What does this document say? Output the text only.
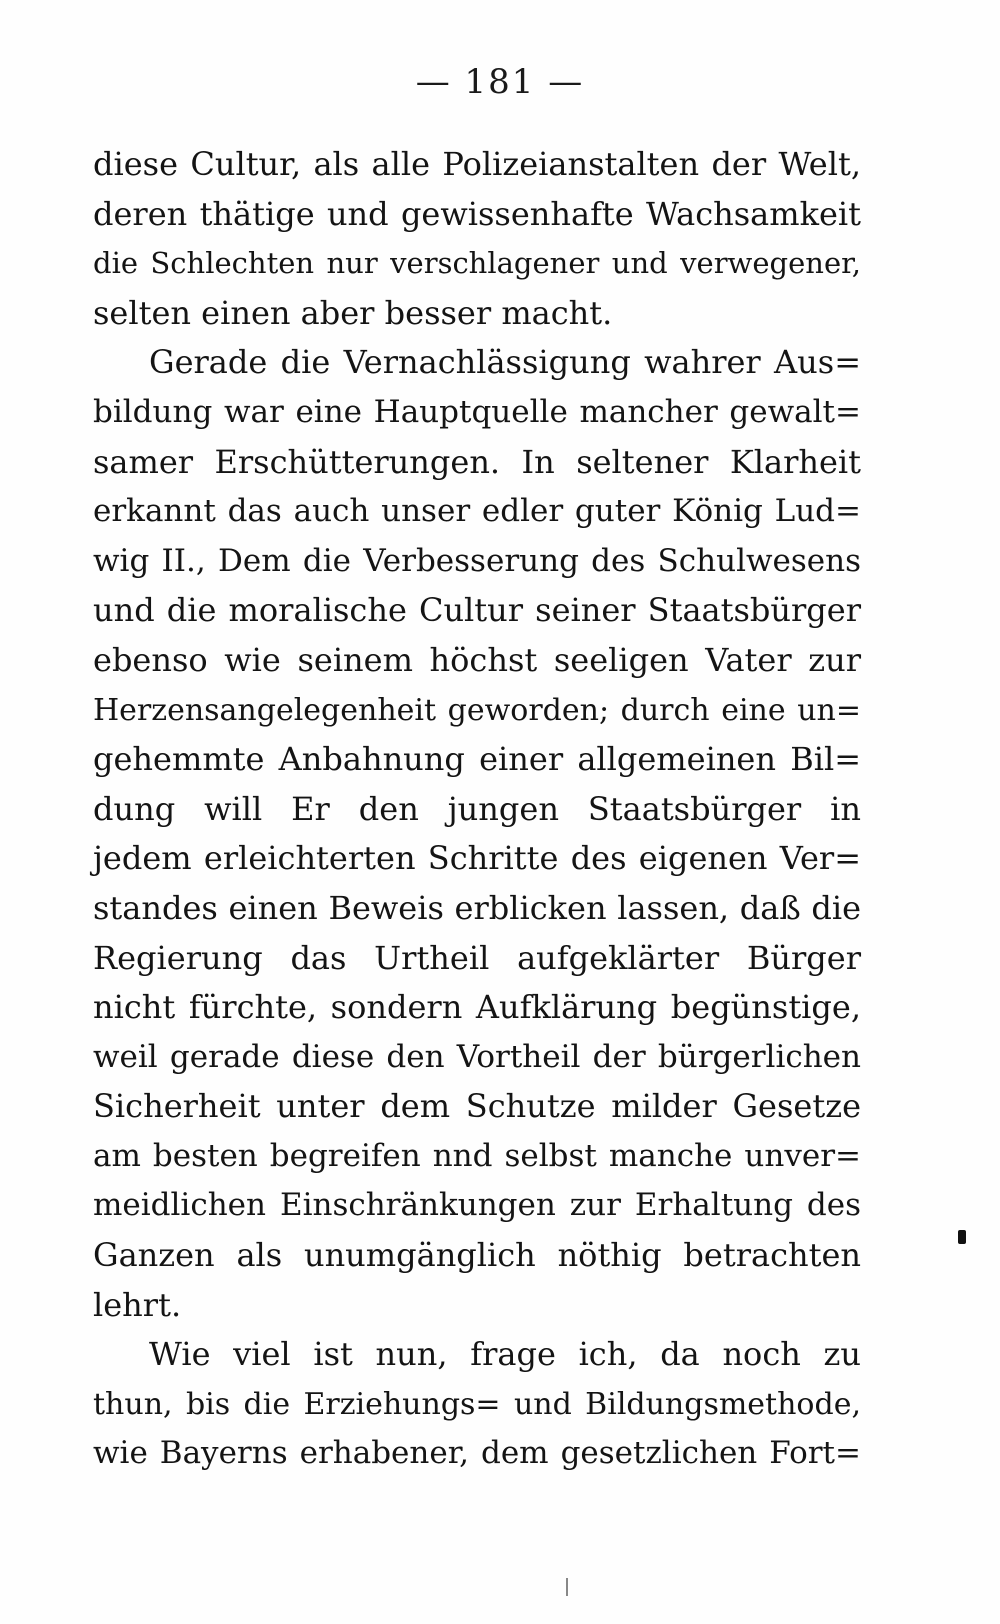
— 181 —
diese Cultur, als alle Polizeianstalten der Welt,
deren thätige und gewissenhafte Wachsamkeit
die Schlechten nur verschlagener und verwegener,
selten einen aber besser macht.
Gerade die Vernachlässigung wahrer Aus=
bildung war eine Hauptquelle mancher gewalt=
samer Erschütterungen. In seltener Klarheit
erkannt das auch unser edler guter König Lud=
wig II., Dem die Verbesserung des Schulwesens
und die moralische Cultur seiner Staatsbürger
ebenso wie seinem höchst seeligen Vater zur
Herzensangelegenheit geworden; durch eine un=
gehemmte Anbahnung einer allgemeinen Bil=
dung will Er den jungen Staatsbürger in
jedem erleichterten Schritte des eigenen Ver=
standes einen Beweis erblicken lassen, daß die
Regierung das Urtheil aufgeklärter Bürger
nicht fürchte, sondern Aufklärung begünstige,
weil gerade diese den Vortheil der bürgerlichen
Sicherheit unter dem Schutze milder Gesetze
am besten begreifen nnd selbst manche unver=
meidlichen Einschränkungen zur Erhaltung des
Ganzen als unumgänglich nöthig betrachten
lehrt.
Wie viel ist nun, frage ich, da noch zu
thun, bis die Erziehungs= und Bildungsmethode,
wie Bayerns erhabener, dem gesetzlichen Fort=
